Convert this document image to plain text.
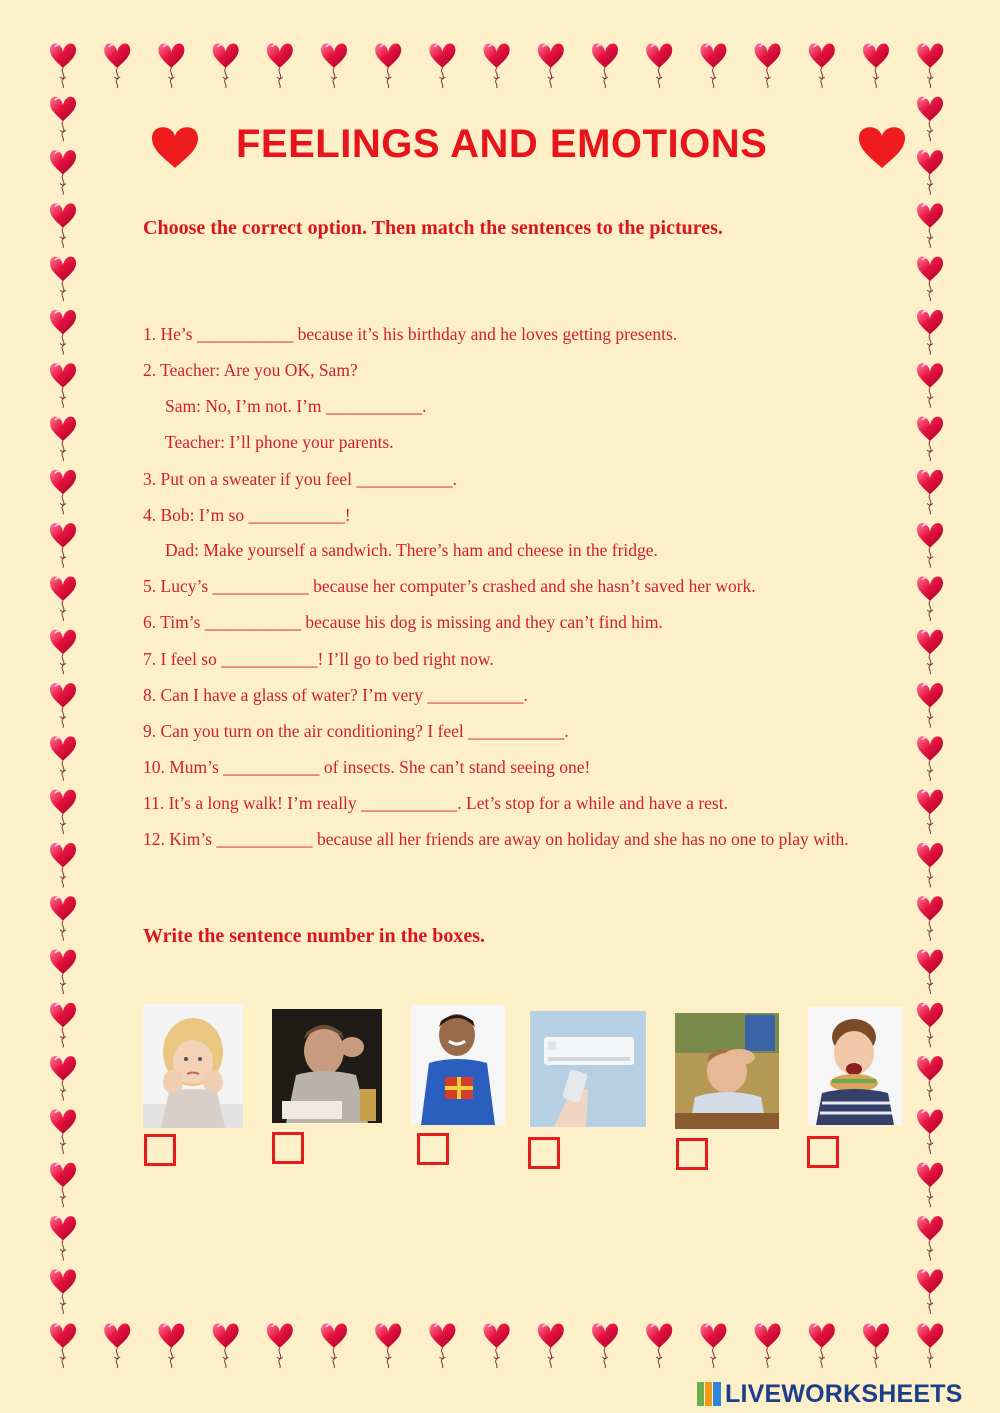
FEELINGS AND EMOTIONS
Choose the correct option. Then match the sentences to the pictures.
1. He’s ___________ because it’s his birthday and he loves getting presents.
2. Teacher: Are you OK, Sam?
Sam: No, I’m not. I’m ___________.
Teacher: I’ll phone your parents.
3. Put on a sweater if you feel ___________.
4. Bob: I’m so ___________!
Dad: Make yourself a sandwich. There’s ham and cheese in the fridge.
5. Lucy’s ___________ because her computer’s crashed and she hasn’t saved her work.
6. Tim’s ___________ because his dog is missing and they can’t find him.
7. I feel so ___________! I’ll go to bed right now.
8. Can I have a glass of water? I’m very ___________.
9. Can you turn on the air conditioning? I feel ___________.
10. Mum’s ___________ of insects. She can’t stand seeing one!
11. It’s a long walk! I’m really ___________. Let’s stop for a while and have a rest.
12. Kim’s ___________ because all her friends are away on holiday and she has no one to play with.
Write the sentence number in the boxes.
LIVEWORKSHEETS
